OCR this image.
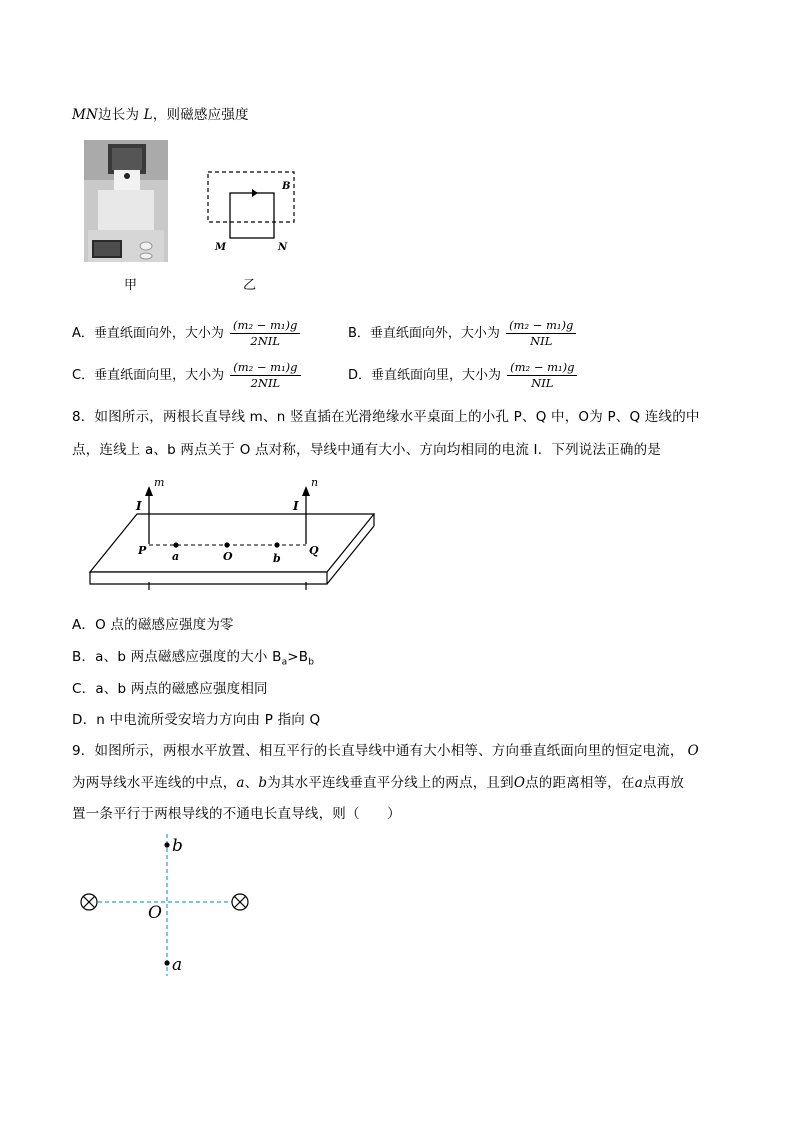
MN边长为 L，则磁感应强度
甲
B
M	N
乙
A．垂直纸面向外，大小为 $\frac{\text{(m₂ − m₁)g}}{\text{2NIL}}$	B．垂直纸面向外，大小为 $\frac{\text{(m₂ − m₁)g}}{\text{NIL}}$
C．垂直纸面向里，大小为 $\frac{\text{(m₂ − m₁)g}}{\text{2NIL}}$	D．垂直纸面向里，大小为 $\frac{\text{(m₂ − m₁)g}}{\text{NIL}}$
8．如图所示，两根长直导线 m、n 竖直插在光滑绝缘水平桌面上的小孔 P、Q 中，O为 P、Q 连线的中
点，连线上 a、b 两点关于 O 点对称，导线中通有大小、方向均相同的电流 I．下列说法正确的是
I
m
I
n
P a	O	b
Q
A．O 点的磁感应强度为零
B．a、b 两点磁感应强度的大小 $B_a>B_b$
C．a、b 两点的磁感应强度相同
D．n 中电流所受安培力方向由 P 指向 Q
9．如图所示，两根水平放置、相互平行的长直导线中通有大小相等、方向垂直纸面向里的恒定电流， O
为两导线水平连线的中点，a、b为其水平连线垂直平分线上的两点，且到O点的距离相等，在a点再放
置一条平行于两根导线的不通电长直导线，则（　　）
b
O
a
